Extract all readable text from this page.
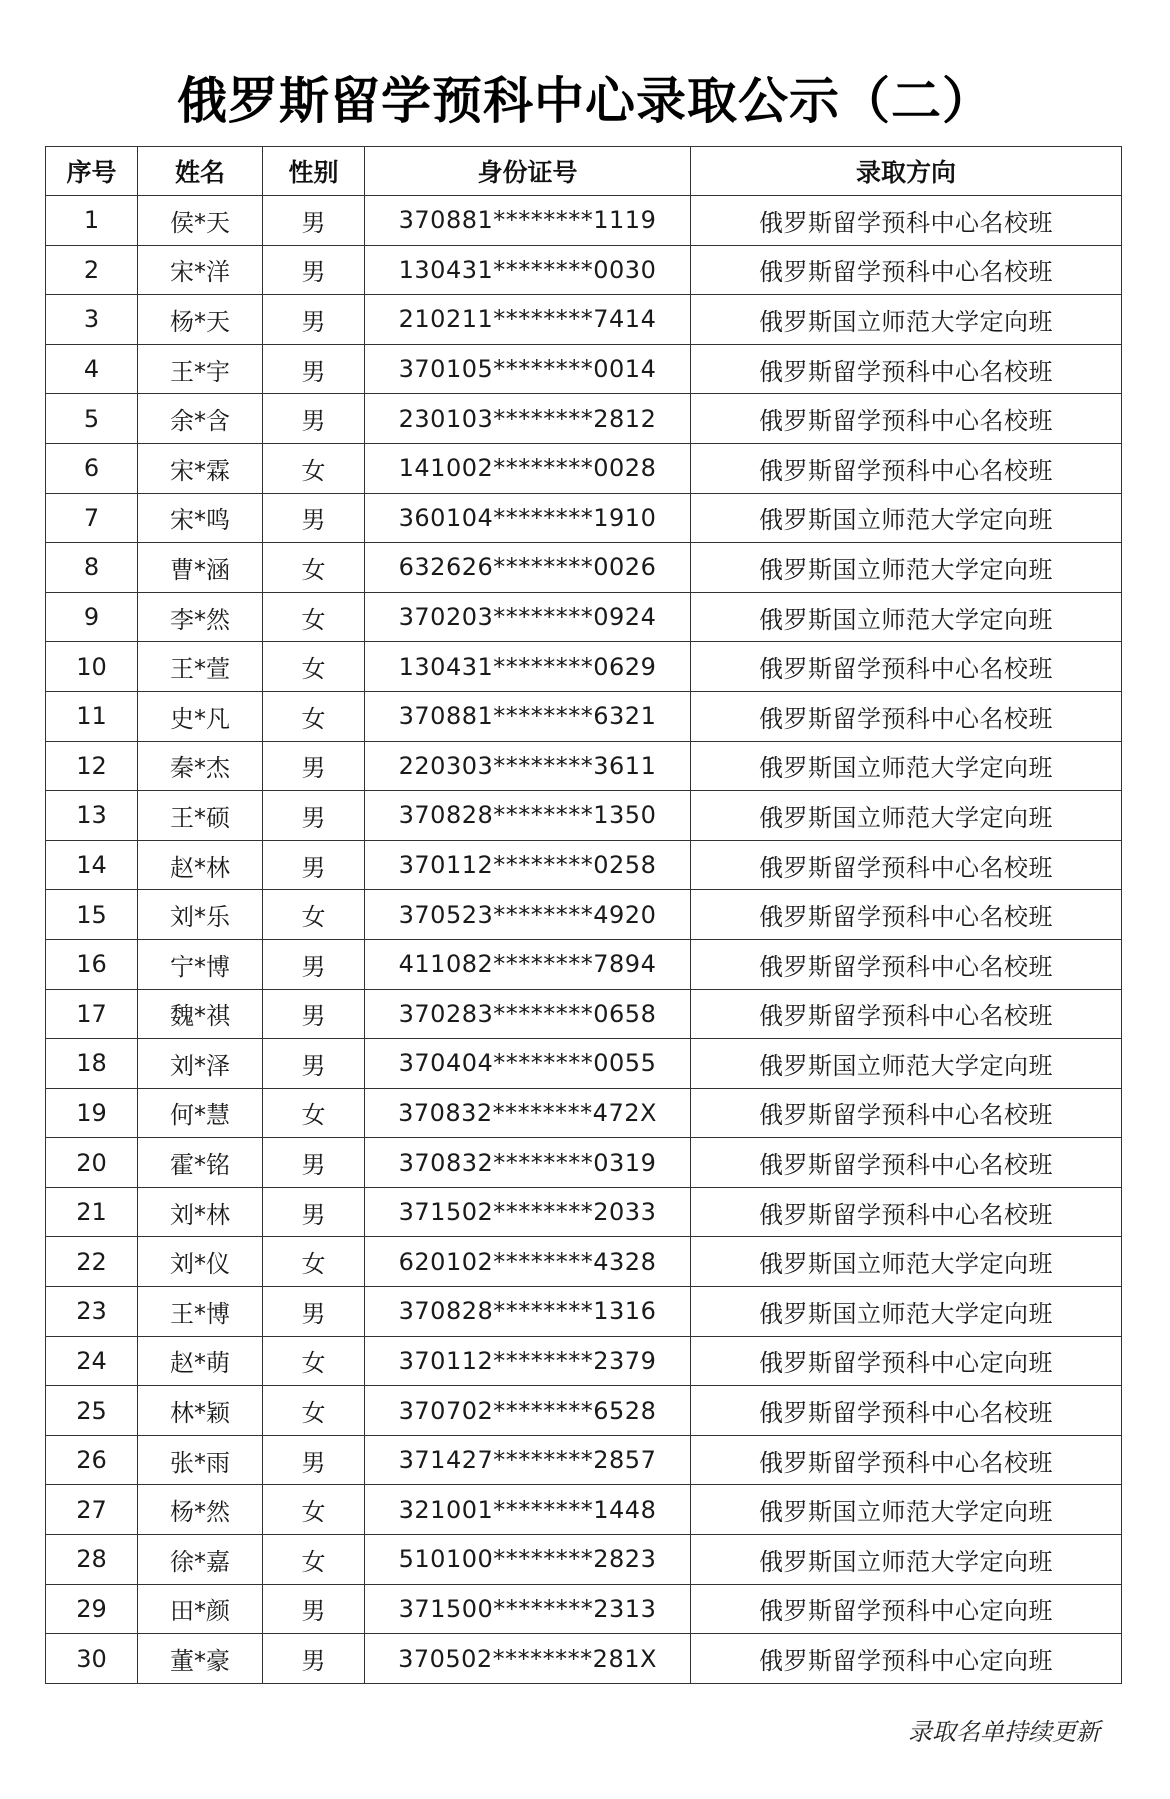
俄罗斯留学预科中心录取公示（二）
序号	姓名	性别	身份证号	录取方向
1	侯*天	男	370881********1119	俄罗斯留学预科中心名校班
2	宋*洋	男	130431********0030	俄罗斯留学预科中心名校班
3	杨*天	男	210211********7414	俄罗斯国立师范大学定向班
4	王*宇	男	370105********0014	俄罗斯留学预科中心名校班
5	余*含	男	230103********2812	俄罗斯留学预科中心名校班
6	宋*霖	女	141002********0028	俄罗斯留学预科中心名校班
7	宋*鸣	男	360104********1910	俄罗斯国立师范大学定向班
8	曹*涵	女	632626********0026	俄罗斯国立师范大学定向班
9	李*然	女	370203********0924	俄罗斯国立师范大学定向班
10	王*萱	女	130431********0629	俄罗斯留学预科中心名校班
11	史*凡	女	370881********6321	俄罗斯留学预科中心名校班
12	秦*杰	男	220303********3611	俄罗斯国立师范大学定向班
13	王*硕	男	370828********1350	俄罗斯国立师范大学定向班
14	赵*林	男	370112********0258	俄罗斯留学预科中心名校班
15	刘*乐	女	370523********4920	俄罗斯留学预科中心名校班
16	宁*博	男	411082********7894	俄罗斯留学预科中心名校班
17	魏*祺	男	370283********0658	俄罗斯留学预科中心名校班
18	刘*泽	男	370404********0055	俄罗斯国立师范大学定向班
19	何*慧	女	370832********472X	俄罗斯留学预科中心名校班
20	霍*铭	男	370832********0319	俄罗斯留学预科中心名校班
21	刘*林	男	371502********2033	俄罗斯留学预科中心名校班
22	刘*仪	女	620102********4328	俄罗斯国立师范大学定向班
23	王*博	男	370828********1316	俄罗斯国立师范大学定向班
24	赵*萌	女	370112********2379	俄罗斯留学预科中心定向班
25	林*颖	女	370702********6528	俄罗斯留学预科中心名校班
26	张*雨	男	371427********2857	俄罗斯留学预科中心名校班
27	杨*然	女	321001********1448	俄罗斯国立师范大学定向班
28	徐*嘉	女	510100********2823	俄罗斯国立师范大学定向班
29	田*颜	男	371500********2313	俄罗斯留学预科中心定向班
30	董*豪	男	370502********281X	俄罗斯留学预科中心定向班
录取名单持续更新
